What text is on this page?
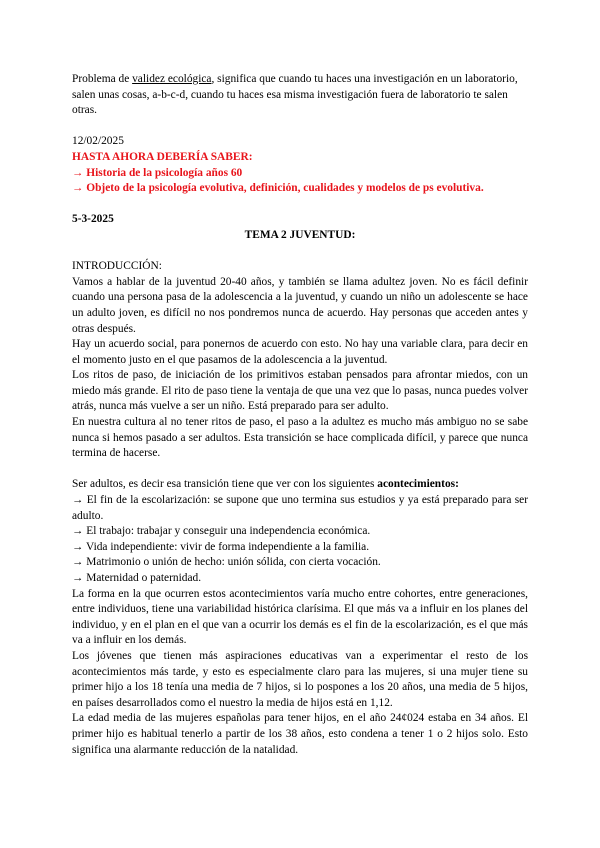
Problema de validez ecológica, significa que cuando tu haces una investigación en un laboratorio, salen unas cosas, a-b-c-d, cuando tu haces esa misma investigación fuera de laboratorio te salen otras.

12/02/2025

HASTA AHORA DEBERÍA SABER:

→ Historia de la psicología años 60

→ Objeto de la psicología evolutiva, definición, cualidades y modelos de ps evolutiva.

5-3-2025

TEMA 2 JUVENTUD:

INTRODUCCIÓN:

Vamos a hablar de la juventud 20-40 años, y también se llama adultez joven. No es fácil definir cuando una persona pasa de la adolescencia a la juventud, y cuando un niño un adolescente se hace un adulto joven, es difícil no nos pondremos nunca de acuerdo. Hay personas que acceden antes y otras después.

Hay un acuerdo social, para ponernos de acuerdo con esto. No hay una variable clara, para decir en el momento justo en el que pasamos de la adolescencia a la juventud.

Los ritos de paso, de iniciación de los primitivos estaban pensados para afrontar miedos, con un miedo más grande. El rito de paso tiene la ventaja de que una vez que lo pasas, nunca puedes volver atrás, nunca más vuelve a ser un niño. Está preparado para ser adulto.

En nuestra cultura al no tener ritos de paso, el paso a la adultez es mucho más ambiguo no se sabe nunca si hemos pasado a ser adultos. Esta transición se hace complicada difícil, y parece que nunca termina de hacerse.

Ser adultos, es decir esa transición tiene que ver con los siguientes acontecimientos:

→ El fin de la escolarización: se supone que uno termina sus estudios y ya está preparado para ser adulto.

→ El trabajo: trabajar y conseguir una independencia económica.

→ Vida independiente: vivir de forma independiente a la familia.

→ Matrimonio o unión de hecho: unión sólida, con cierta vocación.

→ Maternidad o paternidad.

La forma en la que ocurren estos acontecimientos varía mucho entre cohortes, entre generaciones, entre individuos, tiene una variabilidad histórica clarísima. El que más va a influir en los planes del individuo, y en el plan en el que van a ocurrir los demás es el fin de la escolarización, es el que más va a influir en los demás.

Los jóvenes que tienen más aspiraciones educativas van a experimentar el resto de los acontecimientos más tarde, y esto es especialmente claro para las mujeres, si una mujer tiene su primer hijo a los 18 tenía una media de 7 hijos, si lo pospones a los 20 años, una media de 5 hijos, en países desarrollados como el nuestro la media de hijos está en 1,12.

La edad media de las mujeres españolas para tener hijos, en el año 24¢024 estaba en 34 años. El primer hijo es habitual tenerlo a partir de los 38 años, esto condena a tener 1 o 2 hijos solo. Esto significa una alarmante reducción de la natalidad.
